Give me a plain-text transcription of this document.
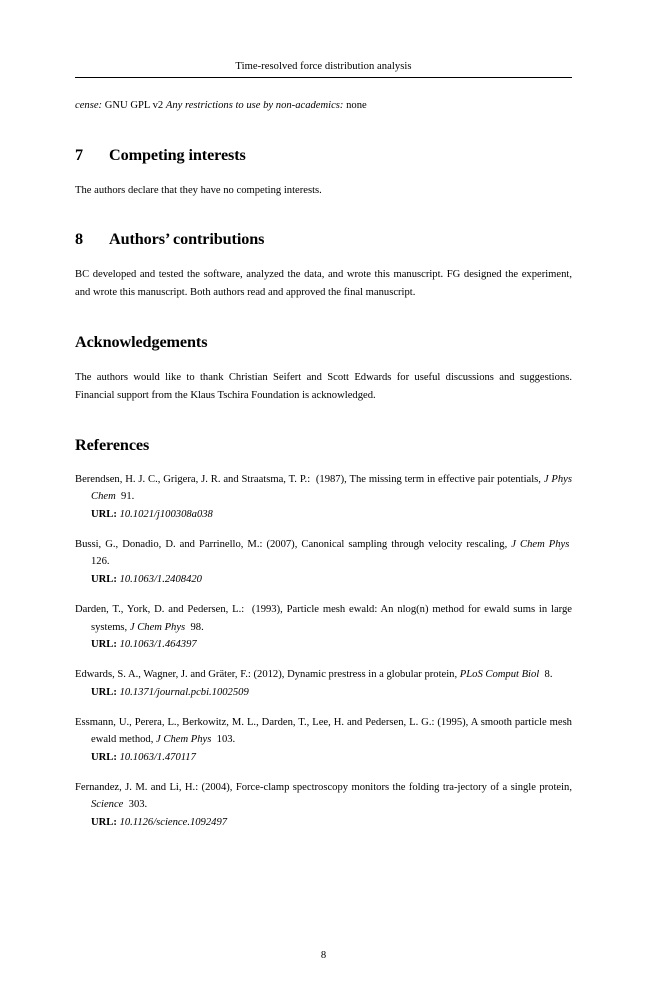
Time-resolved force distribution analysis

cense: GNU GPL v2 Any restrictions to use by non-academics: none

7 Competing interests

The authors declare that they have no competing interests.

8 Authors’ contributions

BC developed and tested the software, analyzed the data, and wrote this manuscript. FG designed the experiment, and wrote this manuscript. Both authors read and approved the final manuscript.

Acknowledgements

The authors would like to thank Christian Seifert and Scott Edwards for useful discussions and suggestions. Financial support from the Klaus Tschira Foundation is acknowledged.

References

Berendsen, H. J. C., Grigera, J. R. and Straatsma, T. P.: (1987), The missing term in effective pair potentials, J Phys Chem 91.
URL: 10.1021/j100308a038

Bussi, G., Donadio, D. and Parrinello, M.: (2007), Canonical sampling through velocity rescaling, J Chem Phys  126.
URL: 10.1063/1.2408420

Darden, T., York, D. and Pedersen, L.: (1993), Particle mesh ewald: An nlog(n) method for ewald sums in large systems, J Chem Phys 98.
URL: 10.1063/1.464397

Edwards, S. A., Wagner, J. and Gräter, F.: (2012), Dynamic prestress in a globular protein, PLoS Comput Biol 8.
URL: 10.1371/journal.pcbi.1002509

Essmann, U., Perera, L., Berkowitz, M. L., Darden, T., Lee, H. and Pedersen, L. G.: (1995), A smooth particle mesh ewald method, J Chem Phys 103.
URL: 10.1063/1.470117

Fernandez, J. M. and Li, H.: (2004), Force-clamp spectroscopy monitors the folding tra-jectory of a single protein, Science 303.
URL: 10.1126/science.1092497

8
